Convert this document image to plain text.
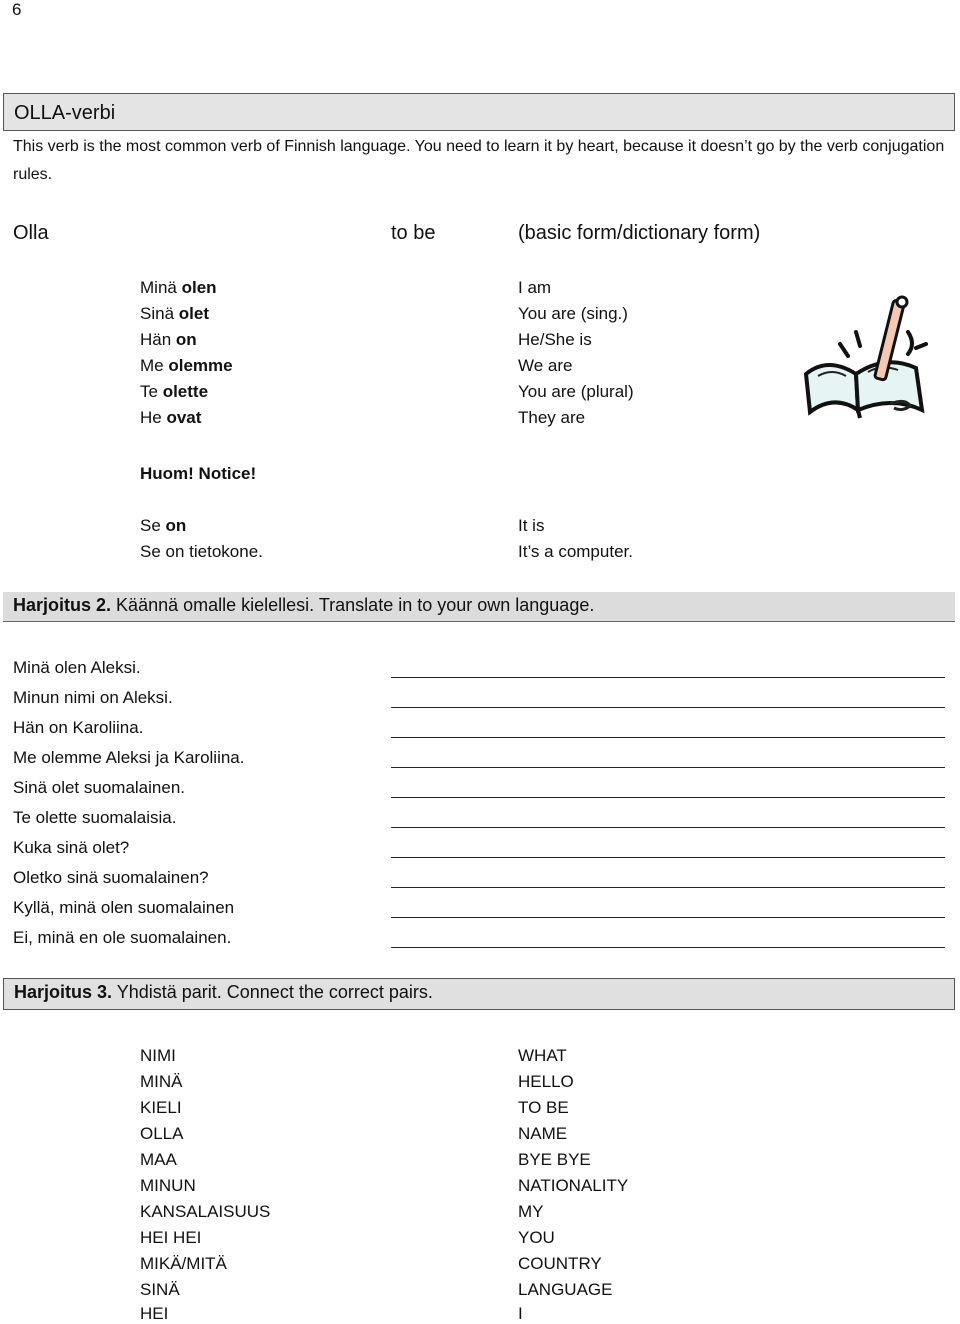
6
OLLA-verbi
This verb is the most common verb of Finnish language. You need to learn it by heart, because it doesn’t go by the verb conjugation rules.
Olla	to be	(basic form/dictionary form)
Minä olen	I am
Sinä olet	You are (sing.)
Hän on	He/She is
Me olemme	We are
Te olette	You are (plural)
He ovat	They are
Huom! Notice!
Se on	It is
Se on tietokone.	It’s a computer.
Harjoitus 2. Käännä omalle kielellesi. Translate in to your own language.
Minä olen Aleksi.
Minun nimi on Aleksi.
Hän on Karoliina.
Me olemme Aleksi ja Karoliina.
Sinä olet suomalainen.
Te olette suomalaisia.
Kuka sinä olet?
Oletko sinä suomalainen?
Kyllä, minä olen suomalainen
Ei, minä en ole suomalainen.
Harjoitus 3. Yhdistä parit. Connect the correct pairs.
NIMI	WHAT
MINÄ	HELLO
KIELI	TO BE
OLLA	NAME
MAA	BYE BYE
MINUN	NATIONALITY
KANSALAISUUS	MY
HEI HEI	YOU
MIKÄ/MITÄ	COUNTRY
SINÄ	LANGUAGE
HEI	I
